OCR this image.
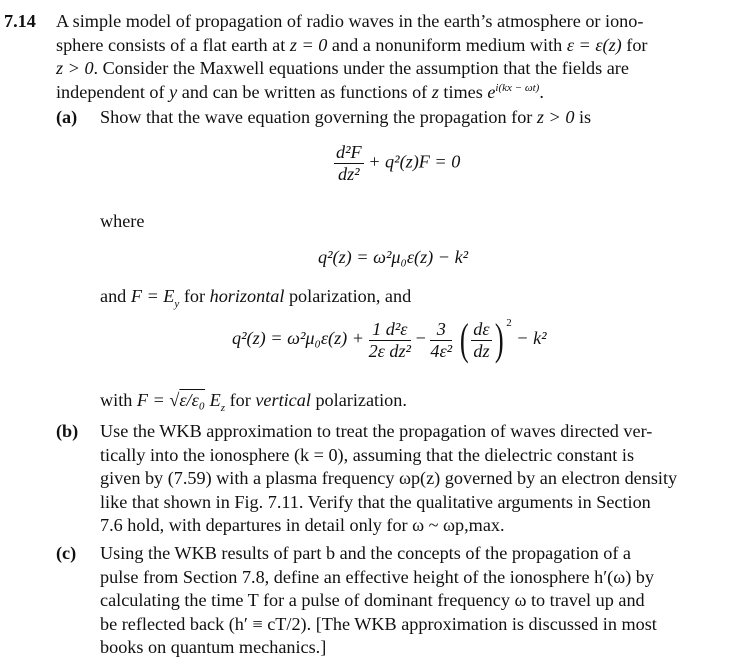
7.14 A simple model of propagation of radio waves in the earth’s atmosphere or iono-
sphere consists of a flat earth at z = 0 and a nonuniform medium with ε = ε(z) for
z > 0. Consider the Maxwell equations under the assumption that the fields are
independent of y and can be written as functions of z times $e^{i(kx - \omega t)}$.
(a) Show that the wave equation governing the propagation for z > 0 is
$\frac{\text{d²F}}{\text{dz²}} + q^2(z)F = 0$
where
q²(z) = ω²μ₀ε(z) − k²
and $F = E_y$ for horizontal polarization, and
$q^2(z) = \omega^2\mu_0\varepsilon(z) + \frac{\text{1 d²ε}}{\text{2ε dz²}} - \frac{3}{\text{4ε²}}$ ( $\frac{d\varepsilon}{dz}$ ) $^2$ − k²
with F = √ε/ε₀ $E_z$ for vertical polarization.
(b) Use the WKB approximation to treat the propagation of waves directed ver-
tically into the ionosphere (k = 0), assuming that the dielectric constant is
given by (7.59) with a plasma frequency ωp(z) governed by an electron density
like that shown in Fig. 7.11. Verify that the qualitative arguments in Section
7.6 hold, with departures in detail only for ω ~ ωp,max.
(c) Using the WKB results of part b and the concepts of the propagation of a
pulse from Section 7.8, define an effective height of the ionosphere h′(ω) by
calculating the time T for a pulse of dominant frequency ω to travel up and
be reflected back (h′ ≡ cT/2). [The WKB approximation is discussed in most
books on quantum mechanics.]
